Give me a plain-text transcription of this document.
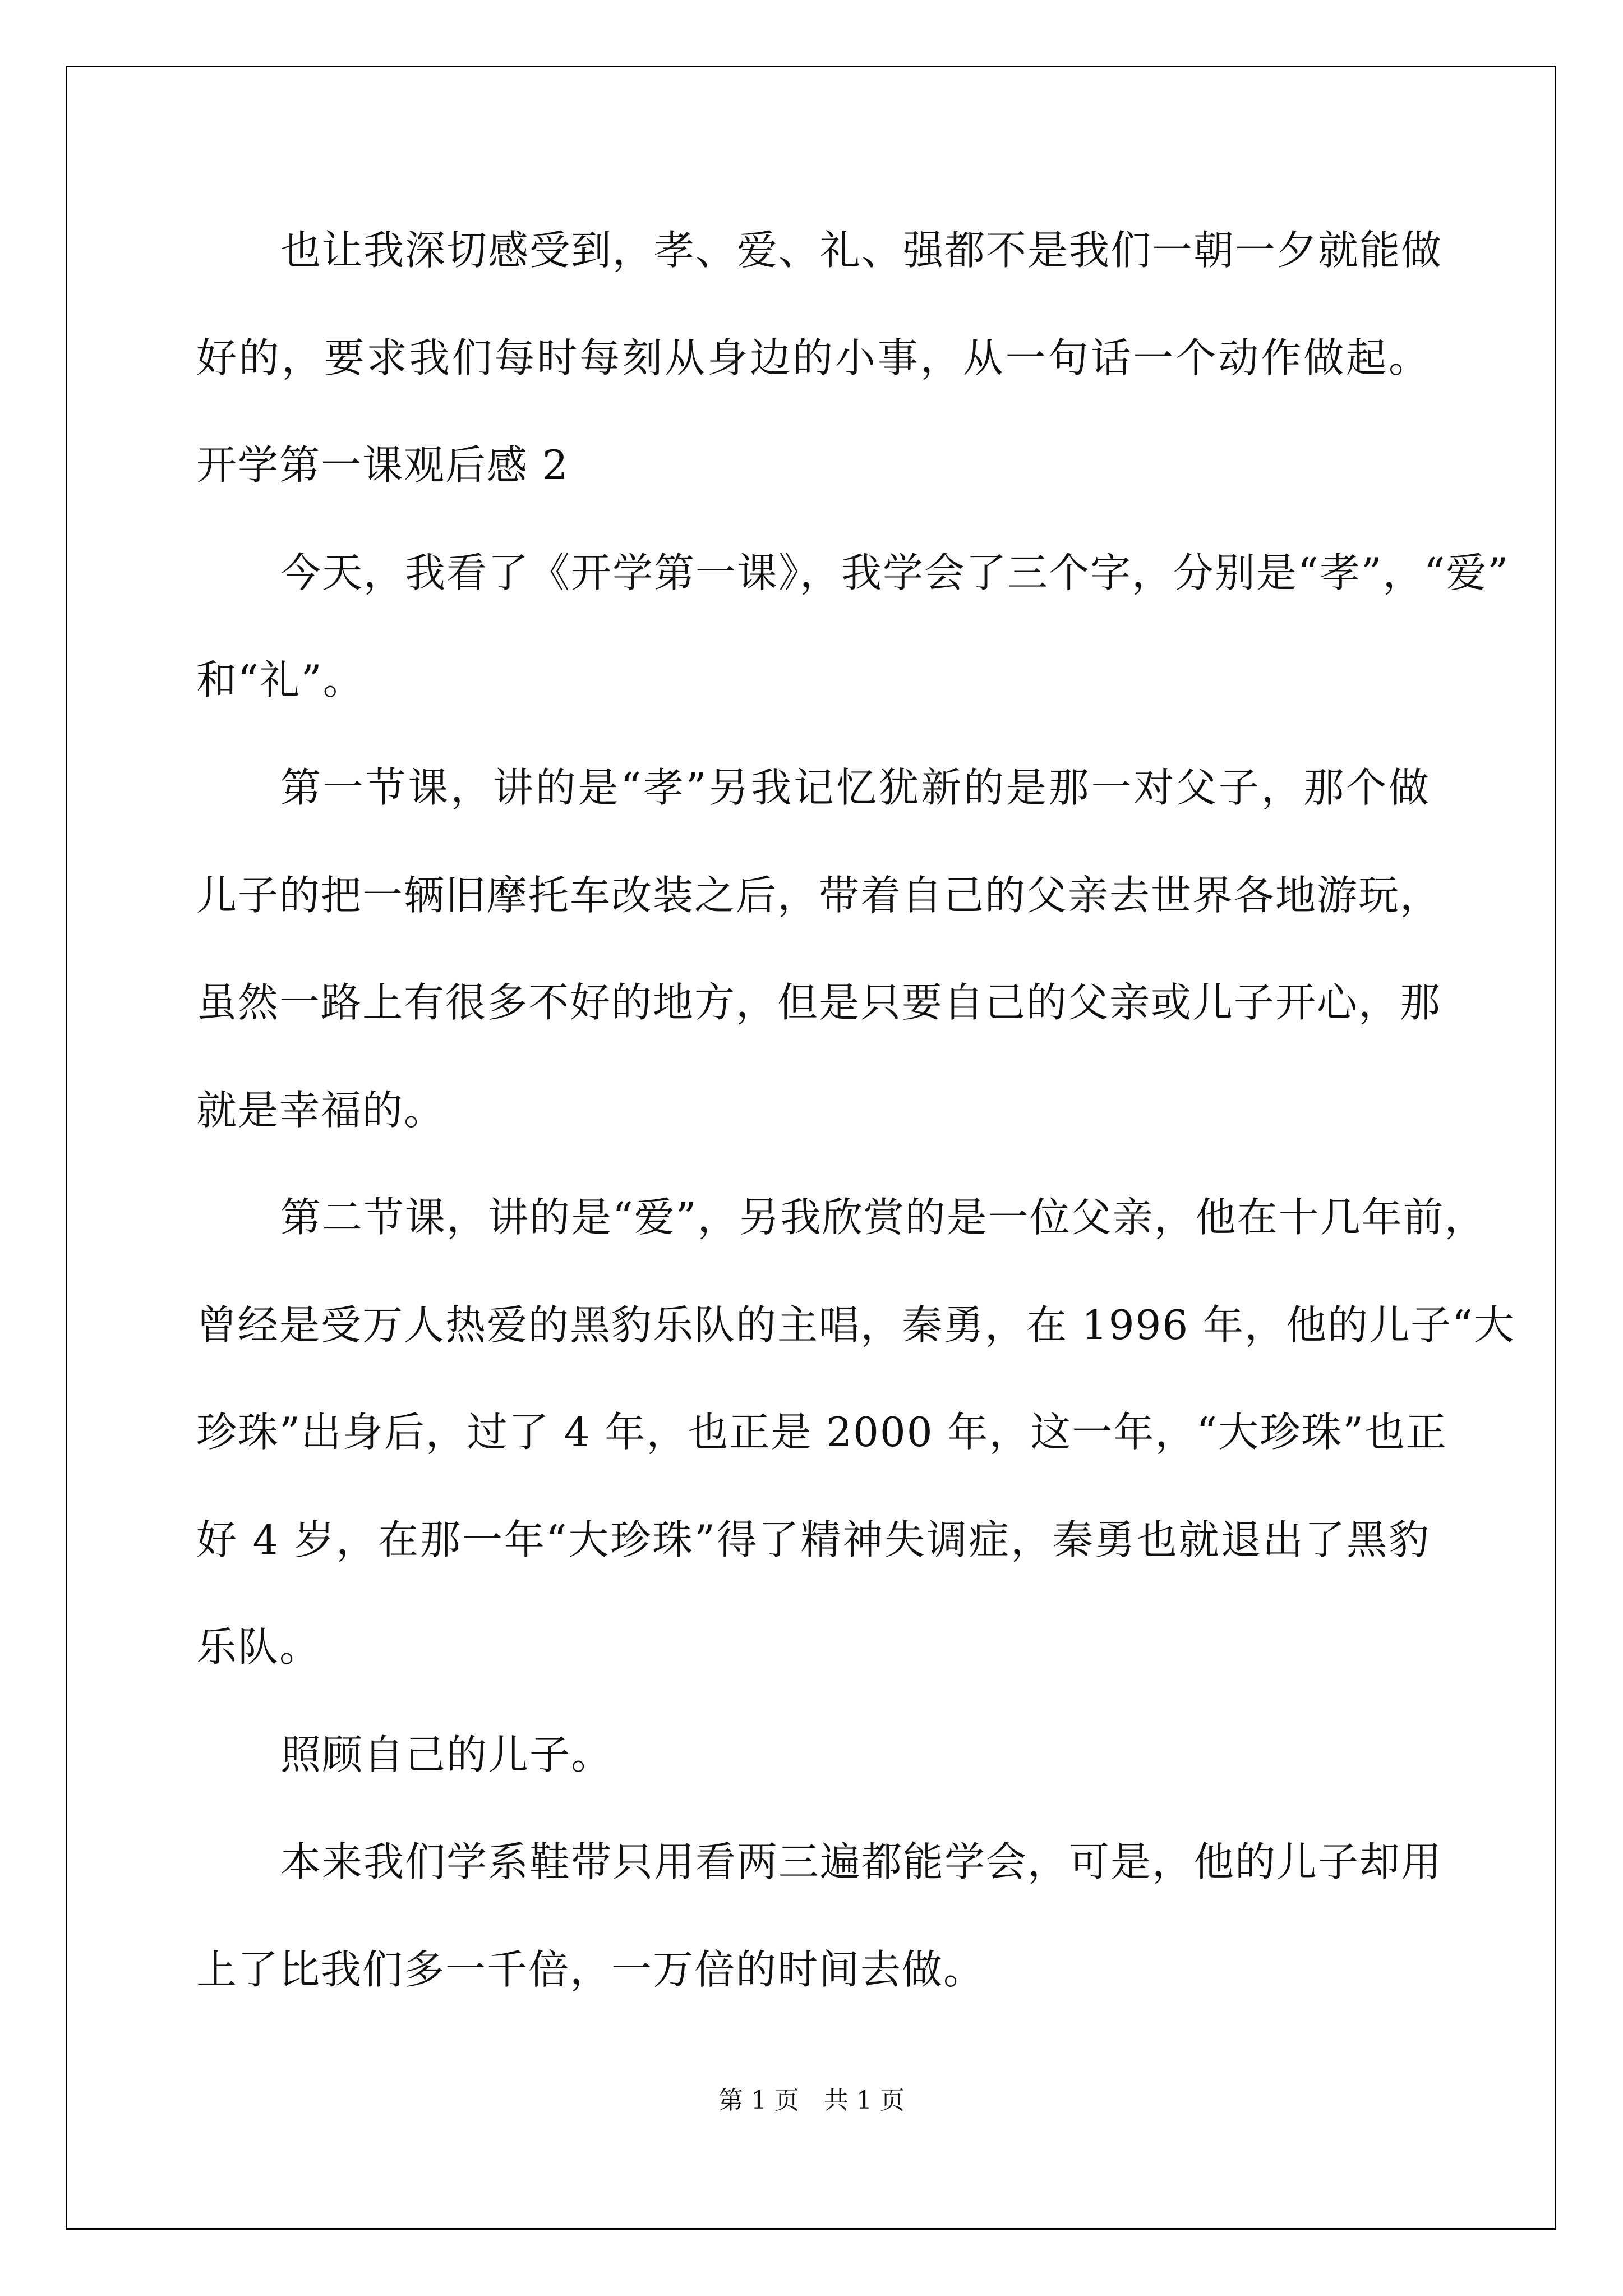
也让我深切感受到，孝、爱、礼、强都不是我们一朝一夕就能做
好的，要求我们每时每刻从身边的小事，从一句话一个动作做起。
开学第一课观后感 2
今天，我看了《开学第一课》，我学会了三个字，分别是“孝”，“爱”
和“礼”。
第一节课，讲的是“孝”另我记忆犹新的是那一对父子，那个做
儿子的把一辆旧摩托车改装之后，带着自己的父亲去世界各地游玩，
虽然一路上有很多不好的地方，但是只要自己的父亲或儿子开心，那
就是幸福的。
第二节课，讲的是“爱”，另我欣赏的是一位父亲，他在十几年前，
曾经是受万人热爱的黑豹乐队的主唱，秦勇，在 1996 年，他的儿子“大
珍珠”出身后，过了 4 年，也正是 2000 年，这一年，“大珍珠”也正
好 4 岁，在那一年“大珍珠”得了精神失调症，秦勇也就退出了黑豹
乐队。
照顾自己的儿子。
本来我们学系鞋带只用看两三遍都能学会，可是，他的儿子却用
上了比我们多一千倍，一万倍的时间去做。
第 1 页　共 1 页
